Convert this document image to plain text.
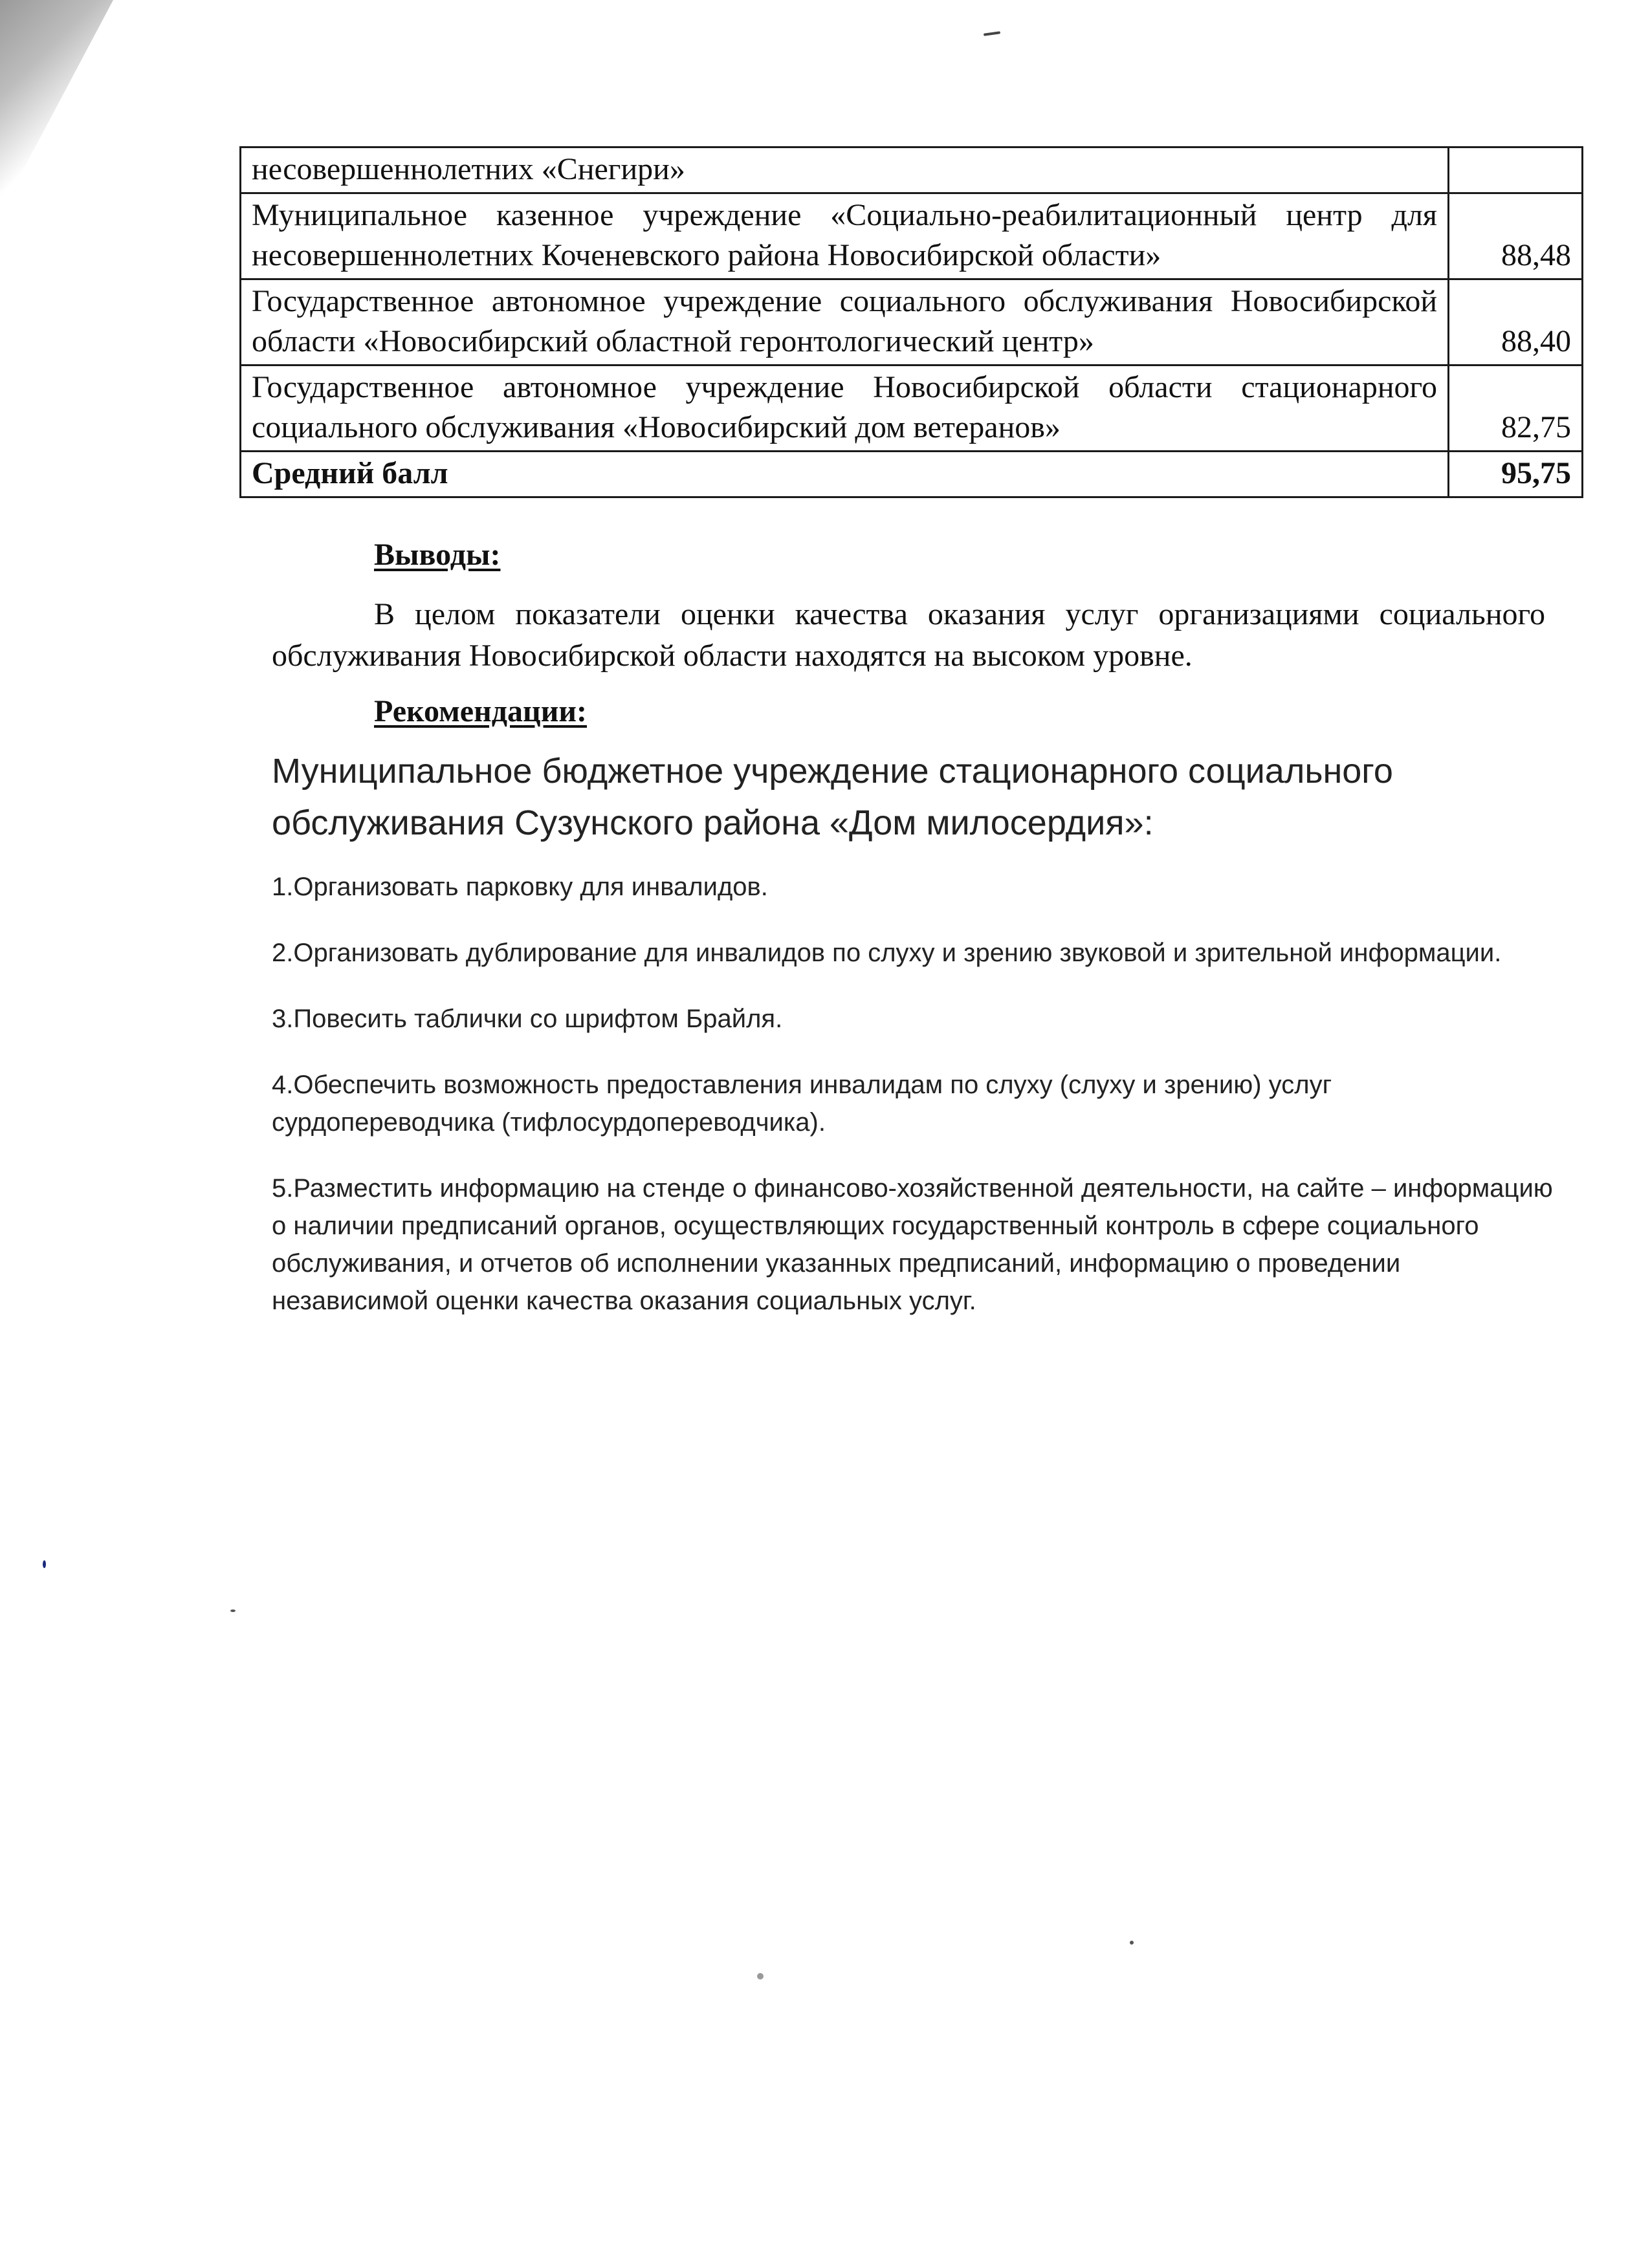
несовершеннолетних «Снегири»	
Муниципальное казенное учреждение «Социально-реабилитационный центр для несовершеннолетних Коченевского района Новосибирской области»	88,48
Государственное автономное учреждение социального обслуживания Новосибирской области «Новосибирский областной геронтологический центр»	88,40
Государственное автономное учреждение Новосибирской области стационарного социального обслуживания «Новосибирский дом ветеранов»	82,75
Средний балл	95,75
Выводы:
В целом показатели оценки качества оказания услуг организациями социального обслуживания Новосибирской области находятся на высоком уровне.
Рекомендации:
Муниципальное бюджетное учреждение стационарного социального обслуживания Сузунского района «Дом милосердия»:
1.Организовать парковку для инвалидов.
2.Организовать дублирование для инвалидов по слуху и зрению звуковой и зрительной информации.
3.Повесить таблички со шрифтом Брайля.
4.Обеспечить возможность предоставления инвалидам по слуху (слуху и зрению) услуг сурдопереводчика (тифлосурдопереводчика).
5.Разместить информацию на стенде о финансово-хозяйственной деятельности, на сайте – информацию о наличии предписаний органов, осуществляющих государственный контроль в сфере социального обслуживания, и отчетов об исполнении указанных предписаний, информацию о проведении независимой оценки качества оказания социальных услуг.
